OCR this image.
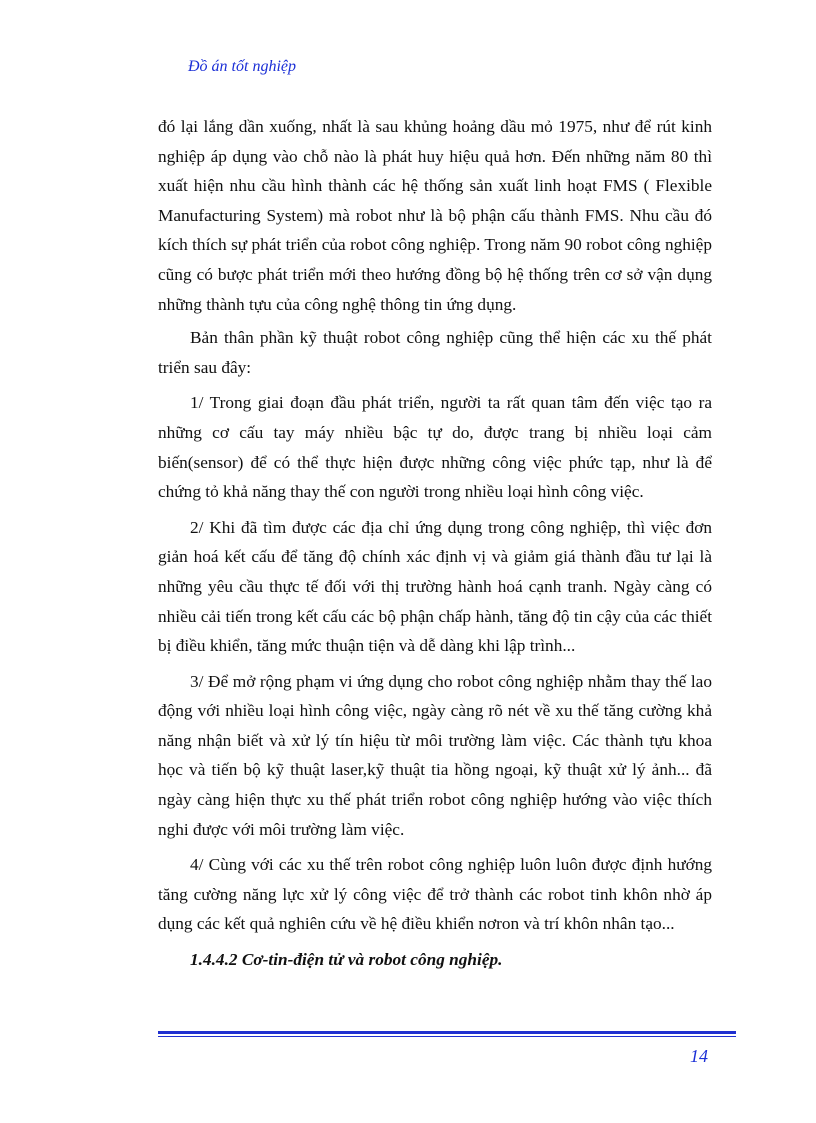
Đồ án tốt nghiệp

đó lại lắng dần xuống, nhất là sau khủng hoảng dầu mỏ 1975, như để rút kinh nghiệp áp dụng vào chỗ nào là phát huy hiệu quả hơn. Đến những năm 80 thì xuất hiện nhu cầu hình thành các hệ thống sản xuất linh hoạt FMS ( Flexible Manufacturing System) mà robot như là bộ phận cấu thành FMS. Nhu cầu đó kích thích sự phát triển của robot công nghiệp. Trong năm 90 robot công nghiệp cũng có bược phát triển mới theo hướng đồng bộ hệ thống trên cơ sở vận dụng những thành tựu của công nghệ thông tin ứng dụng.

Bản thân phần kỹ thuật robot công nghiệp cũng thể hiện các xu thế phát triển sau đây:

1/ Trong giai đoạn đầu phát triển, người ta rất quan tâm đến việc tạo ra những cơ cấu tay máy nhiều bậc tự do, được trang bị nhiều loại cảm biến(sensor) để có thể thực hiện được những công việc phức tạp, như là để chứng tỏ khả năng thay thế con người trong nhiều loại hình công việc.

2/ Khi đã tìm được các địa chỉ ứng dụng trong công nghiệp, thì việc đơn giản hoá kết cấu để tăng độ chính xác định vị và giảm giá thành đầu tư lại là những yêu cầu thực tế đối với thị trường hành hoá cạnh tranh. Ngày càng có nhiều cải tiến trong kết cấu các bộ phận chấp hành, tăng độ tin cậy của các thiết bị điều khiển, tăng mức thuận tiện và dễ dàng khi lập trình...

3/ Để mở rộng phạm vi ứng dụng cho robot công nghiệp nhằm thay thế lao động với nhiều loại hình công việc, ngày càng rõ nét về xu thế tăng cường khả năng nhận biết và xử lý tín hiệu từ môi trường làm việc. Các thành tựu khoa học và tiến bộ kỹ thuật laser,kỹ thuật tia hồng ngoại, kỹ thuật xử lý ảnh... đã ngày càng hiện thực xu thế phát triển robot công nghiệp hướng vào việc thích nghi được với môi trường làm việc.

4/ Cùng với các xu thế trên robot công nghiệp luôn luôn được định hướng tăng cường năng lực xử lý công việc để trở thành các robot tinh khôn nhờ áp dụng các kết quả nghiên cứu về hệ điều khiển nơron và trí khôn nhân tạo...

1.4.4.2 Cơ-tin-điện tử và robot công nghiệp.
14
